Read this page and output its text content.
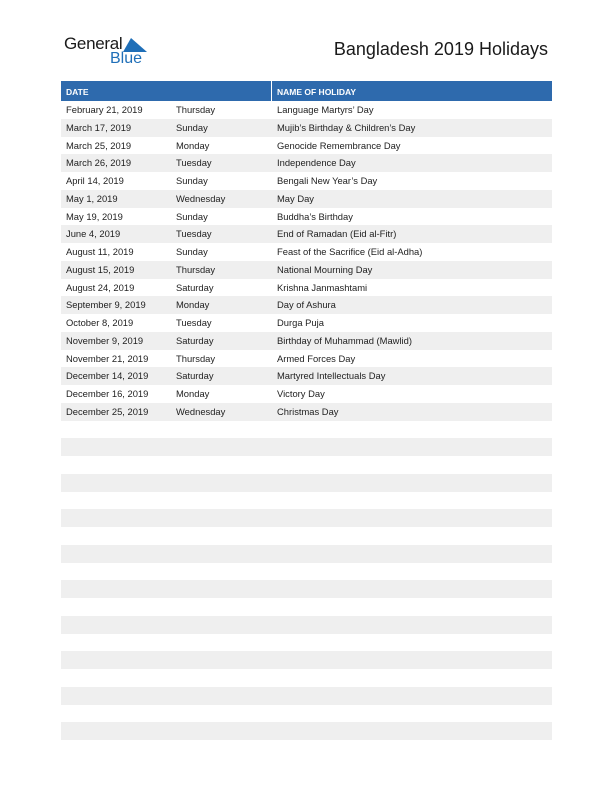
General
Blue	Bangladesh 2019 Holidays
DATE	NAME OF HOLIDAY
February 21, 2019	Thursday	Language Martyrs’ Day
March 17, 2019	Sunday	Mujib’s Birthday & Children’s Day
March 25, 2019	Monday	Genocide Remembrance Day
March 26, 2019	Tuesday	Independence Day
April 14, 2019	Sunday	Bengali New Year’s Day
May 1, 2019	Wednesday	May Day
May 19, 2019	Sunday	Buddha’s Birthday
June 4, 2019	Tuesday	End of Ramadan (Eid al-Fitr)
August 11, 2019	Sunday	Feast of the Sacrifice (Eid al-Adha)
August 15, 2019	Thursday	National Mourning Day
August 24, 2019	Saturday	Krishna Janmashtami
September 9, 2019	Monday	Day of Ashura
October 8, 2019	Tuesday	Durga Puja
November 9, 2019	Saturday	Birthday of Muhammad (Mawlid)
November 21, 2019	Thursday	Armed Forces Day
December 14, 2019	Saturday	Martyred Intellectuals Day
December 16, 2019	Monday	Victory Day
December 25, 2019	Wednesday	Christmas Day
